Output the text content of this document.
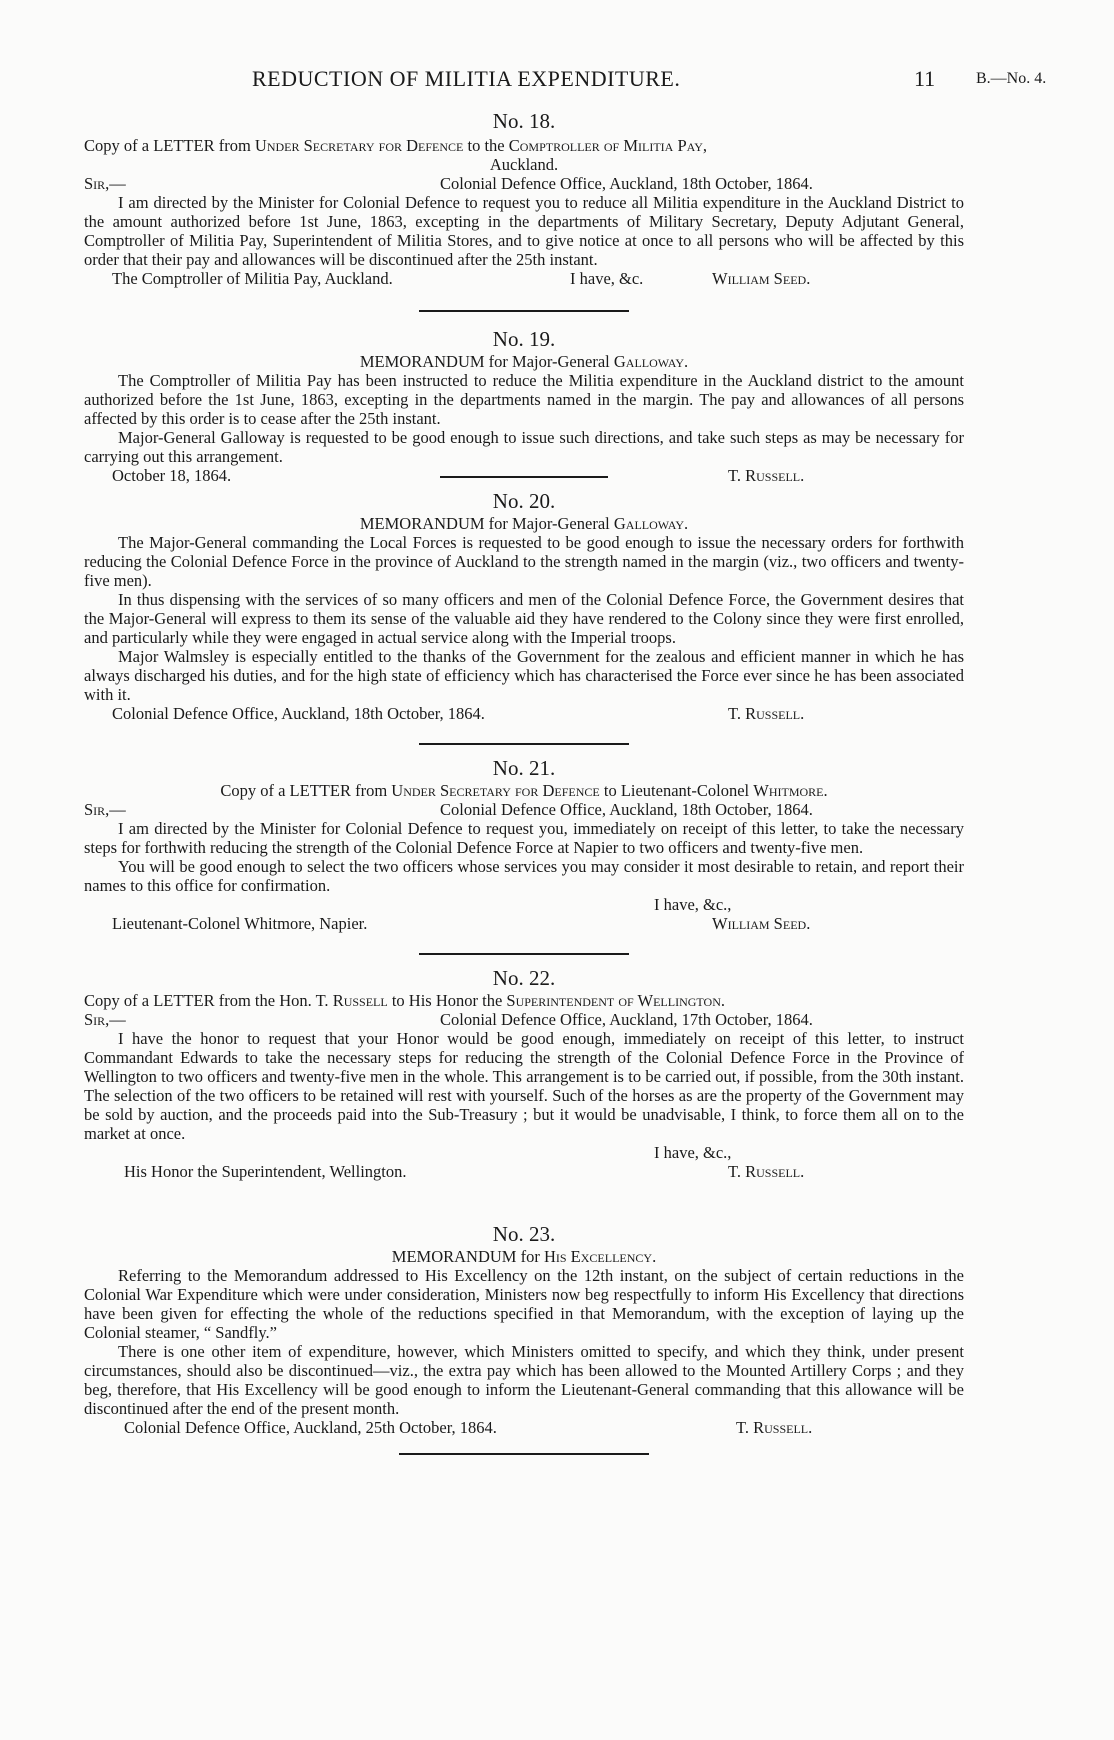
REDUCTION OF MILITIA EXPENDITURE.	11	B.—No. 4.
No. 18.
Copy of a LETTER from Under Secretary for Defence to the Comptroller of Militia Pay,
Auckland.
Sir,—	Colonial Defence Office, Auckland, 18th October, 1864.

I am directed by the Minister for Colonial Defence to request you to reduce all Militia expenditure in the Auckland District to the amount authorized before 1st June, 1863, excepting in the departments of Military Secretary, Deputy Adjutant General, Comptroller of Militia Pay, Superintendent of Militia Stores, and to give notice at once to all persons who will be affected by this order that their pay and allowances will be discontinued after the 25th instant.

The Comptroller of Militia Pay, Auckland.	I have, &c.	William Seed.
No. 19.
MEMORANDUM for Major-General Galloway.

The Comptroller of Militia Pay has been instructed to reduce the Militia expenditure in the Auckland district to the amount authorized before the 1st June, 1863, excepting in the departments named in the margin. The pay and allowances of all persons affected by this order is to cease after the 25th instant.

Major-General Galloway is requested to be good enough to issue such directions, and take such steps as may be necessary for carrying out this arrangement.

October 18, 1864.	T. Russell.
No. 20.
MEMORANDUM for Major-General Galloway.

The Major-General commanding the Local Forces is requested to be good enough to issue the necessary orders for forthwith reducing the Colonial Defence Force in the province of Auckland to the strength named in the margin (viz., two officers and twenty-five men).

In thus dispensing with the services of so many officers and men of the Colonial Defence Force, the Government desires that the Major-General will express to them its sense of the valuable aid they have rendered to the Colony since they were first enrolled, and particularly while they were engaged in actual service along with the Imperial troops.

Major Walmsley is especially entitled to the thanks of the Government for the zealous and efficient manner in which he has always discharged his duties, and for the high state of efficiency which has characterised the Force ever since he has been associated with it.

Colonial Defence Office, Auckland, 18th October, 1864.	T. Russell.
No. 21.
Copy of a LETTER from Under Secretary for Defence to Lieutenant-Colonel Whitmore.
Sir,—	Colonial Defence Office, Auckland, 18th October, 1864.

I am directed by the Minister for Colonial Defence to request you, immediately on receipt of this letter, to take the necessary steps for forthwith reducing the strength of the Colonial Defence Force at Napier to two officers and twenty-five men.

You will be good enough to select the two officers whose services you may consider it most desirable to retain, and report their names to this office for confirmation.

I have, &c.,
Lieutenant-Colonel Whitmore, Napier.	William Seed.
No. 22.
Copy of a LETTER from the Hon. T. Russell to His Honor the Superintendent of Wellington.
Sir,—	Colonial Defence Office, Auckland, 17th October, 1864.

I have the honor to request that your Honor would be good enough, immediately on receipt of this letter, to instruct Commandant Edwards to take the necessary steps for reducing the strength of the Colonial Defence Force in the Province of Wellington to two officers and twenty-five men in the whole. This arrangement is to be carried out, if possible, from the 30th instant. The selection of the two officers to be retained will rest with yourself. Such of the horses as are the property of the Government may be sold by auction, and the proceeds paid into the Sub-Treasury ; but it would be unadvisable, I think, to force them all on to the market at once.

I have, &c.,
His Honor the Superintendent, Wellington.	T. Russell.
No. 23.
MEMORANDUM for His Excellency.

Referring to the Memorandum addressed to His Excellency on the 12th instant, on the subject of certain reductions in the Colonial War Expenditure which were under consideration, Ministers now beg respectfully to inform His Excellency that directions have been given for effecting the whole of the reductions specified in that Memorandum, with the exception of laying up the Colonial steamer, “ Sandfly.”

There is one other item of expenditure, however, which Ministers omitted to specify, and which they think, under present circumstances, should also be discontinued—viz., the extra pay which has been allowed to the Mounted Artillery Corps ; and they beg, therefore, that His Excellency will be good enough to inform the Lieutenant-General commanding that this allowance will be discontinued after the end of the present month.

Colonial Defence Office, Auckland, 25th October, 1864.	T. Russell.
